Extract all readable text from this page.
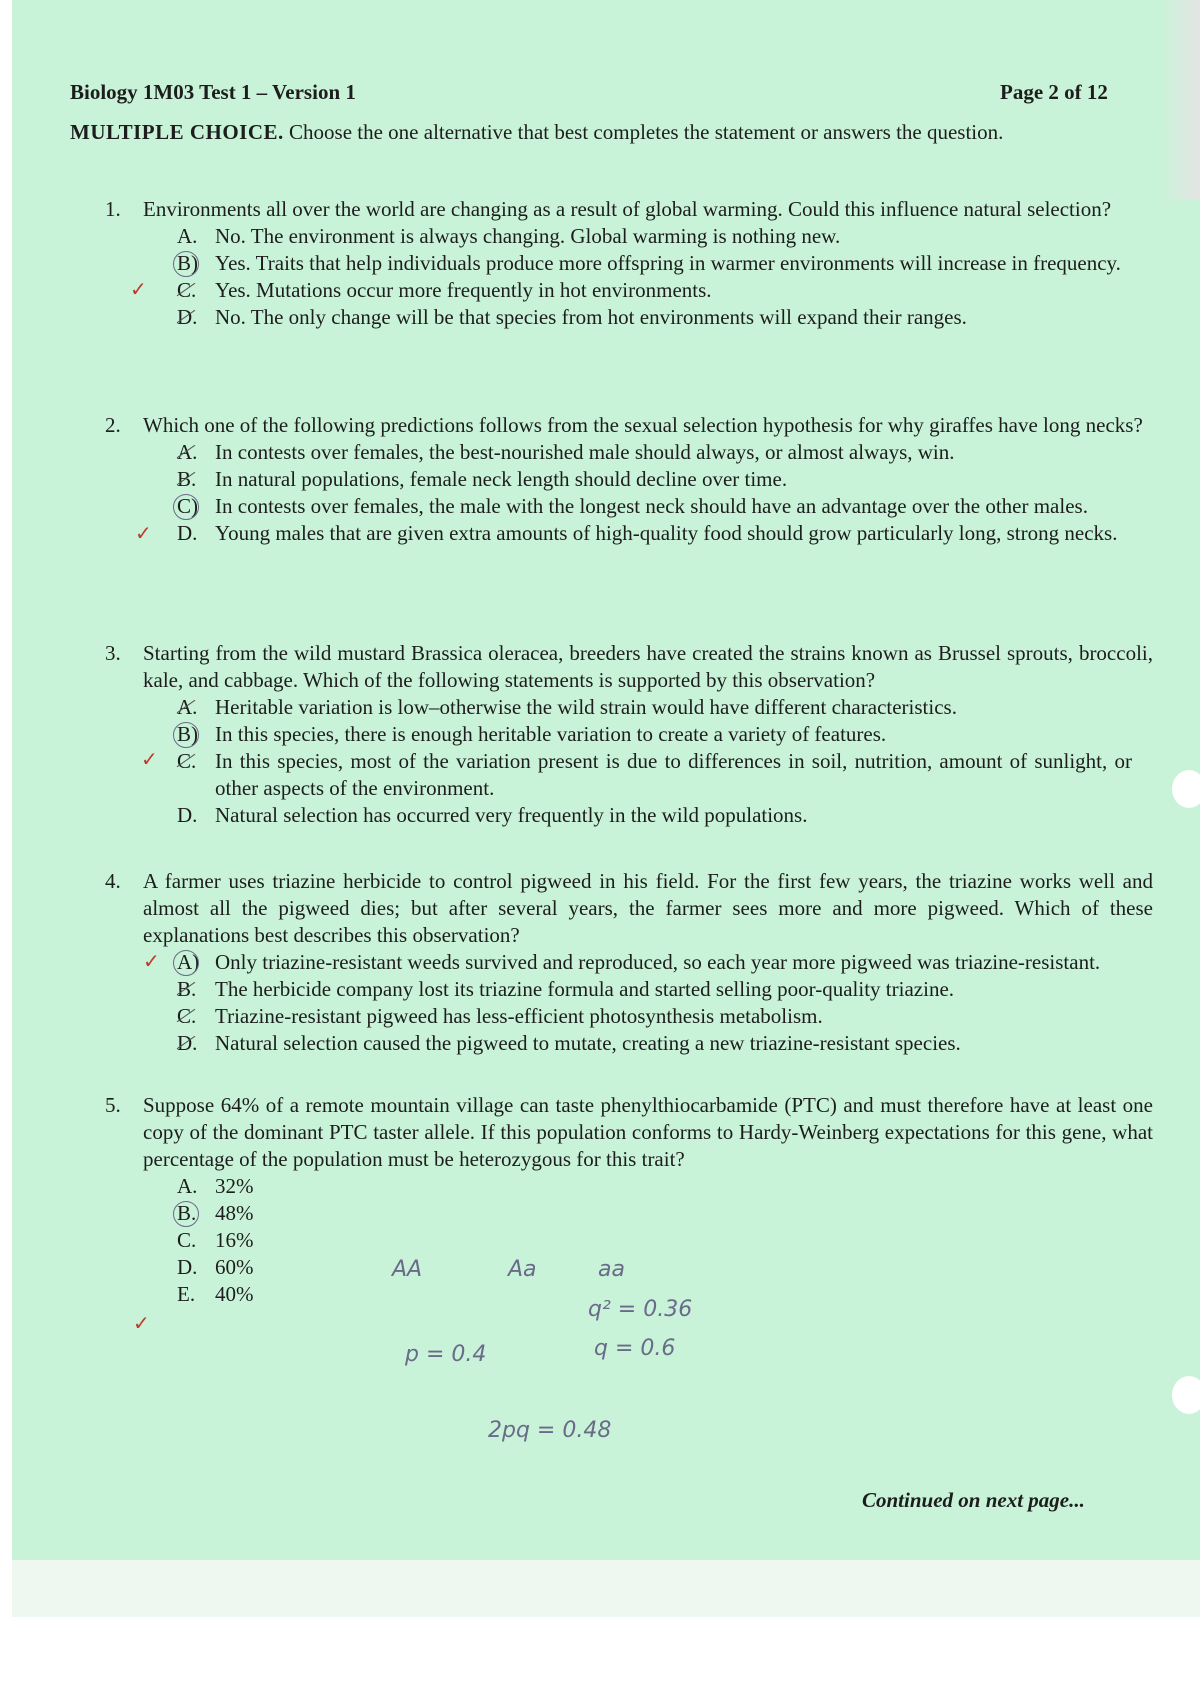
Biology 1M03 Test 1 – Version 1	Page 2 of 12
MULTIPLE CHOICE. Choose the one alternative that best completes the statement or answers the question.
1.	Environments all over the world are changing as a result of global warming. Could this influence natural selection?
A. No. The environment is always changing. Global warming is nothing new.
B) Yes. Traits that help individuals produce more offspring in warmer environments will increase in frequency.
C. Yes. Mutations occur more frequently in hot environments.
D. No. The only change will be that species from hot environments will expand their ranges.
✓
2.	Which one of the following predictions follows from the sexual selection hypothesis for why giraffes have long necks?
A. In contests over females, the best-nourished male should always, or almost always, win.
B. In natural populations, female neck length should decline over time.
C) In contests over females, the male with the longest neck should have an advantage over the other males.
D. Young males that are given extra amounts of high-quality food should grow particularly long, strong necks.
✓
3.	Starting from the wild mustard Brassica oleracea, breeders have created the strains known as Brussel sprouts, broccoli, kale, and cabbage. Which of the following statements is supported by this observation?
A. Heritable variation is low–otherwise the wild strain would have different characteristics.
B) In this species, there is enough heritable variation to create a variety of features.
C. In this species, most of the variation present is due to differences in soil, nutrition, amount of sunlight, or other aspects of the environment.
D. Natural selection has occurred very frequently in the wild populations.
✓
4.	A farmer uses triazine herbicide to control pigweed in his field. For the first few years, the triazine works well and almost all the pigweed dies; but after several years, the farmer sees more and more pigweed. Which of these explanations best describes this observation?
A) Only triazine-resistant weeds survived and reproduced, so each year more pigweed was triazine-resistant.
B. The herbicide company lost its triazine formula and started selling poor-quality triazine.
C. Triazine-resistant pigweed has less-efficient photosynthesis metabolism.
D. Natural selection caused the pigweed to mutate, creating a new triazine-resistant species.
✓
5.	Suppose 64% of a remote mountain village can taste phenylthiocarbamide (PTC) and must therefore have at least one copy of the dominant PTC taster allele. If this population conforms to Hardy-Weinberg expectations for this gene, what percentage of the population must be heterozygous for this trait?
A. 32%
B. 48%
C. 16%
D. 60%
E. 40%
✓
AA	Aa	aa
q² = 0.36
q = 0.6
p = 0.4
2pq = 0.48
Continued on next page...
